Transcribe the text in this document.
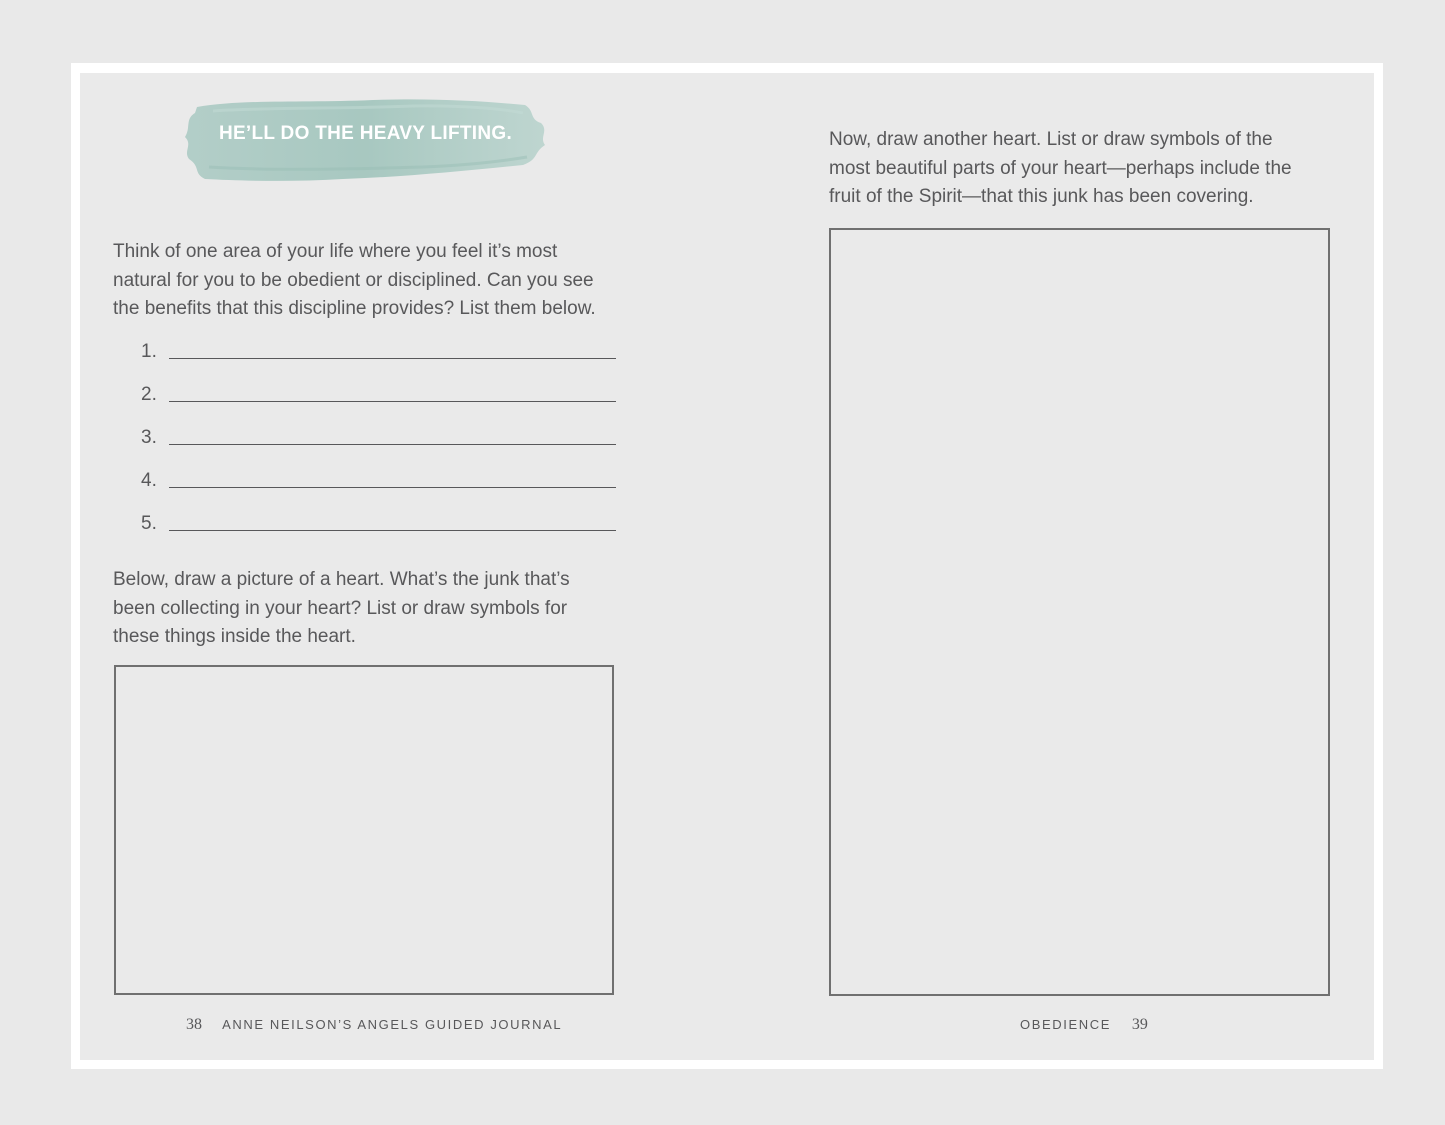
HE’LL DO THE HEAVY LIFTING.

Think of one area of your life where you feel it’s most
natural for you to be obedient or disciplined. Can you see
the benefits that this discipline provides? List them below.

1.
2.
3.
4.
5.

Below, draw a picture of a heart. What’s the junk that’s
been collecting in your heart? List or draw symbols for
these things inside the heart.

38 ANNE NEILSON’S ANGELS GUIDED JOURNAL

Now, draw another heart. List or draw symbols of the
most beautiful parts of your heart—perhaps include the
fruit of the Spirit—that this junk has been covering.

OBEDIENCE 39
